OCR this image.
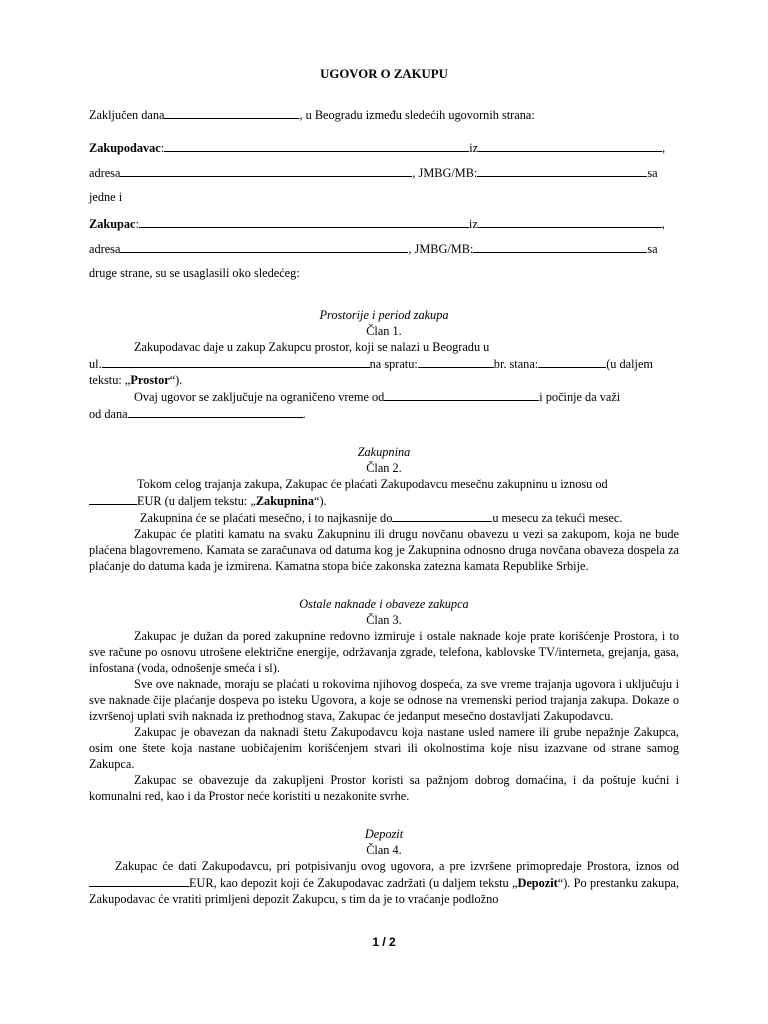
UGOVOR O ZAKUPU
Zaključen dana	, u Beogradu između sledećih ugovornih strana:
Zakupodavac:	iz	,
adresa	, JMBG/MB:	sa
jedne i
Zakupac:	iz	,
adresa	, JMBG/MB:	sa
druge strane, su se usaglasili oko sledećeg:
Prostorije i period zakupa
Član 1.
Zakupodavac daje u zakup Zakupcu prostor, koji se nalazi u Beogradu u
ul.	na spratu:	br. stana:	(u daljem
tekstu: „Prostor“).
Ovaj ugovor se zaključuje na ograničeno vreme od	i počinje da važi
od dana	.
Zakupnina
Član 2.
Tokom celog trajanja zakupa, Zakupac će plaćati Zakupodavcu mesečnu zakupninu u iznosu od
EUR (u daljem tekstu: „Zakupnina“).
Zakupnina će se plaćati mesečno, i to najkasnije do	u mesecu za tekući mesec.
Zakupac će platiti kamatu na svaku Zakupninu ili drugu novčanu obavezu u vezi sa zakupom, koja ne bude plaćena blagovremeno. Kamata se zaračunava od datuma kog je Zakupnina odnosno druga novčana obaveza dospela za plaćanje do datuma kada je izmirena. Kamatna stopa biće zakonska zatezna kamata Republike Srbije.
Ostale naknade i obaveze zakupca
Član 3.
Zakupac je dužan da pored zakupnine redovno izmiruje i ostale naknade koje prate korišćenje Prostora, i to sve račune po osnovu utrošene električne energije, održavanja zgrade, telefona, kablovske TV/interneta, grejanja, gasa, infostana (voda, odnošenje smeća i sl).
Sve ove naknade, moraju se plaćati u rokovima njihovog dospeća, za sve vreme trajanja ugovora i uključuju i sve naknade čije plaćanje dospeva po isteku Ugovora, a koje se odnose na vremenski period trajanja zakupa. Dokaze o izvršenoj uplati svih naknada iz prethodnog stava, Zakupac će jedanput mesečno dostavljati Zakupodavcu.
Zakupac je obavezan da naknadi štetu Zakupodavcu koja nastane usled namere ili grube nepažnje Zakupca, osim one štete koja nastane uobičajenim korišćenjem stvari ili okolnostima koje nisu izazvane od strane samog Zakupca.
Zakupac se obavezuje da zakupljeni Prostor koristi sa pažnjom dobrog domaćina, i da poštuje kućni i komunalni red, kao i da Prostor neće koristiti u nezakonite svrhe.
Depozit
Član 4.
Zakupac će dati Zakupodavcu, pri potpisivanju ovog ugovora, a pre izvršene primopredaje Prostora, iznos odEUR, kao depozit koji će Zakupodavac zadržati (u daljem tekstu „Depozit“). Po prestanku zakupa, Zakupodavac će vratiti primljeni depozit Zakupcu, s tim da je to vraćanje podložno
1 / 2
